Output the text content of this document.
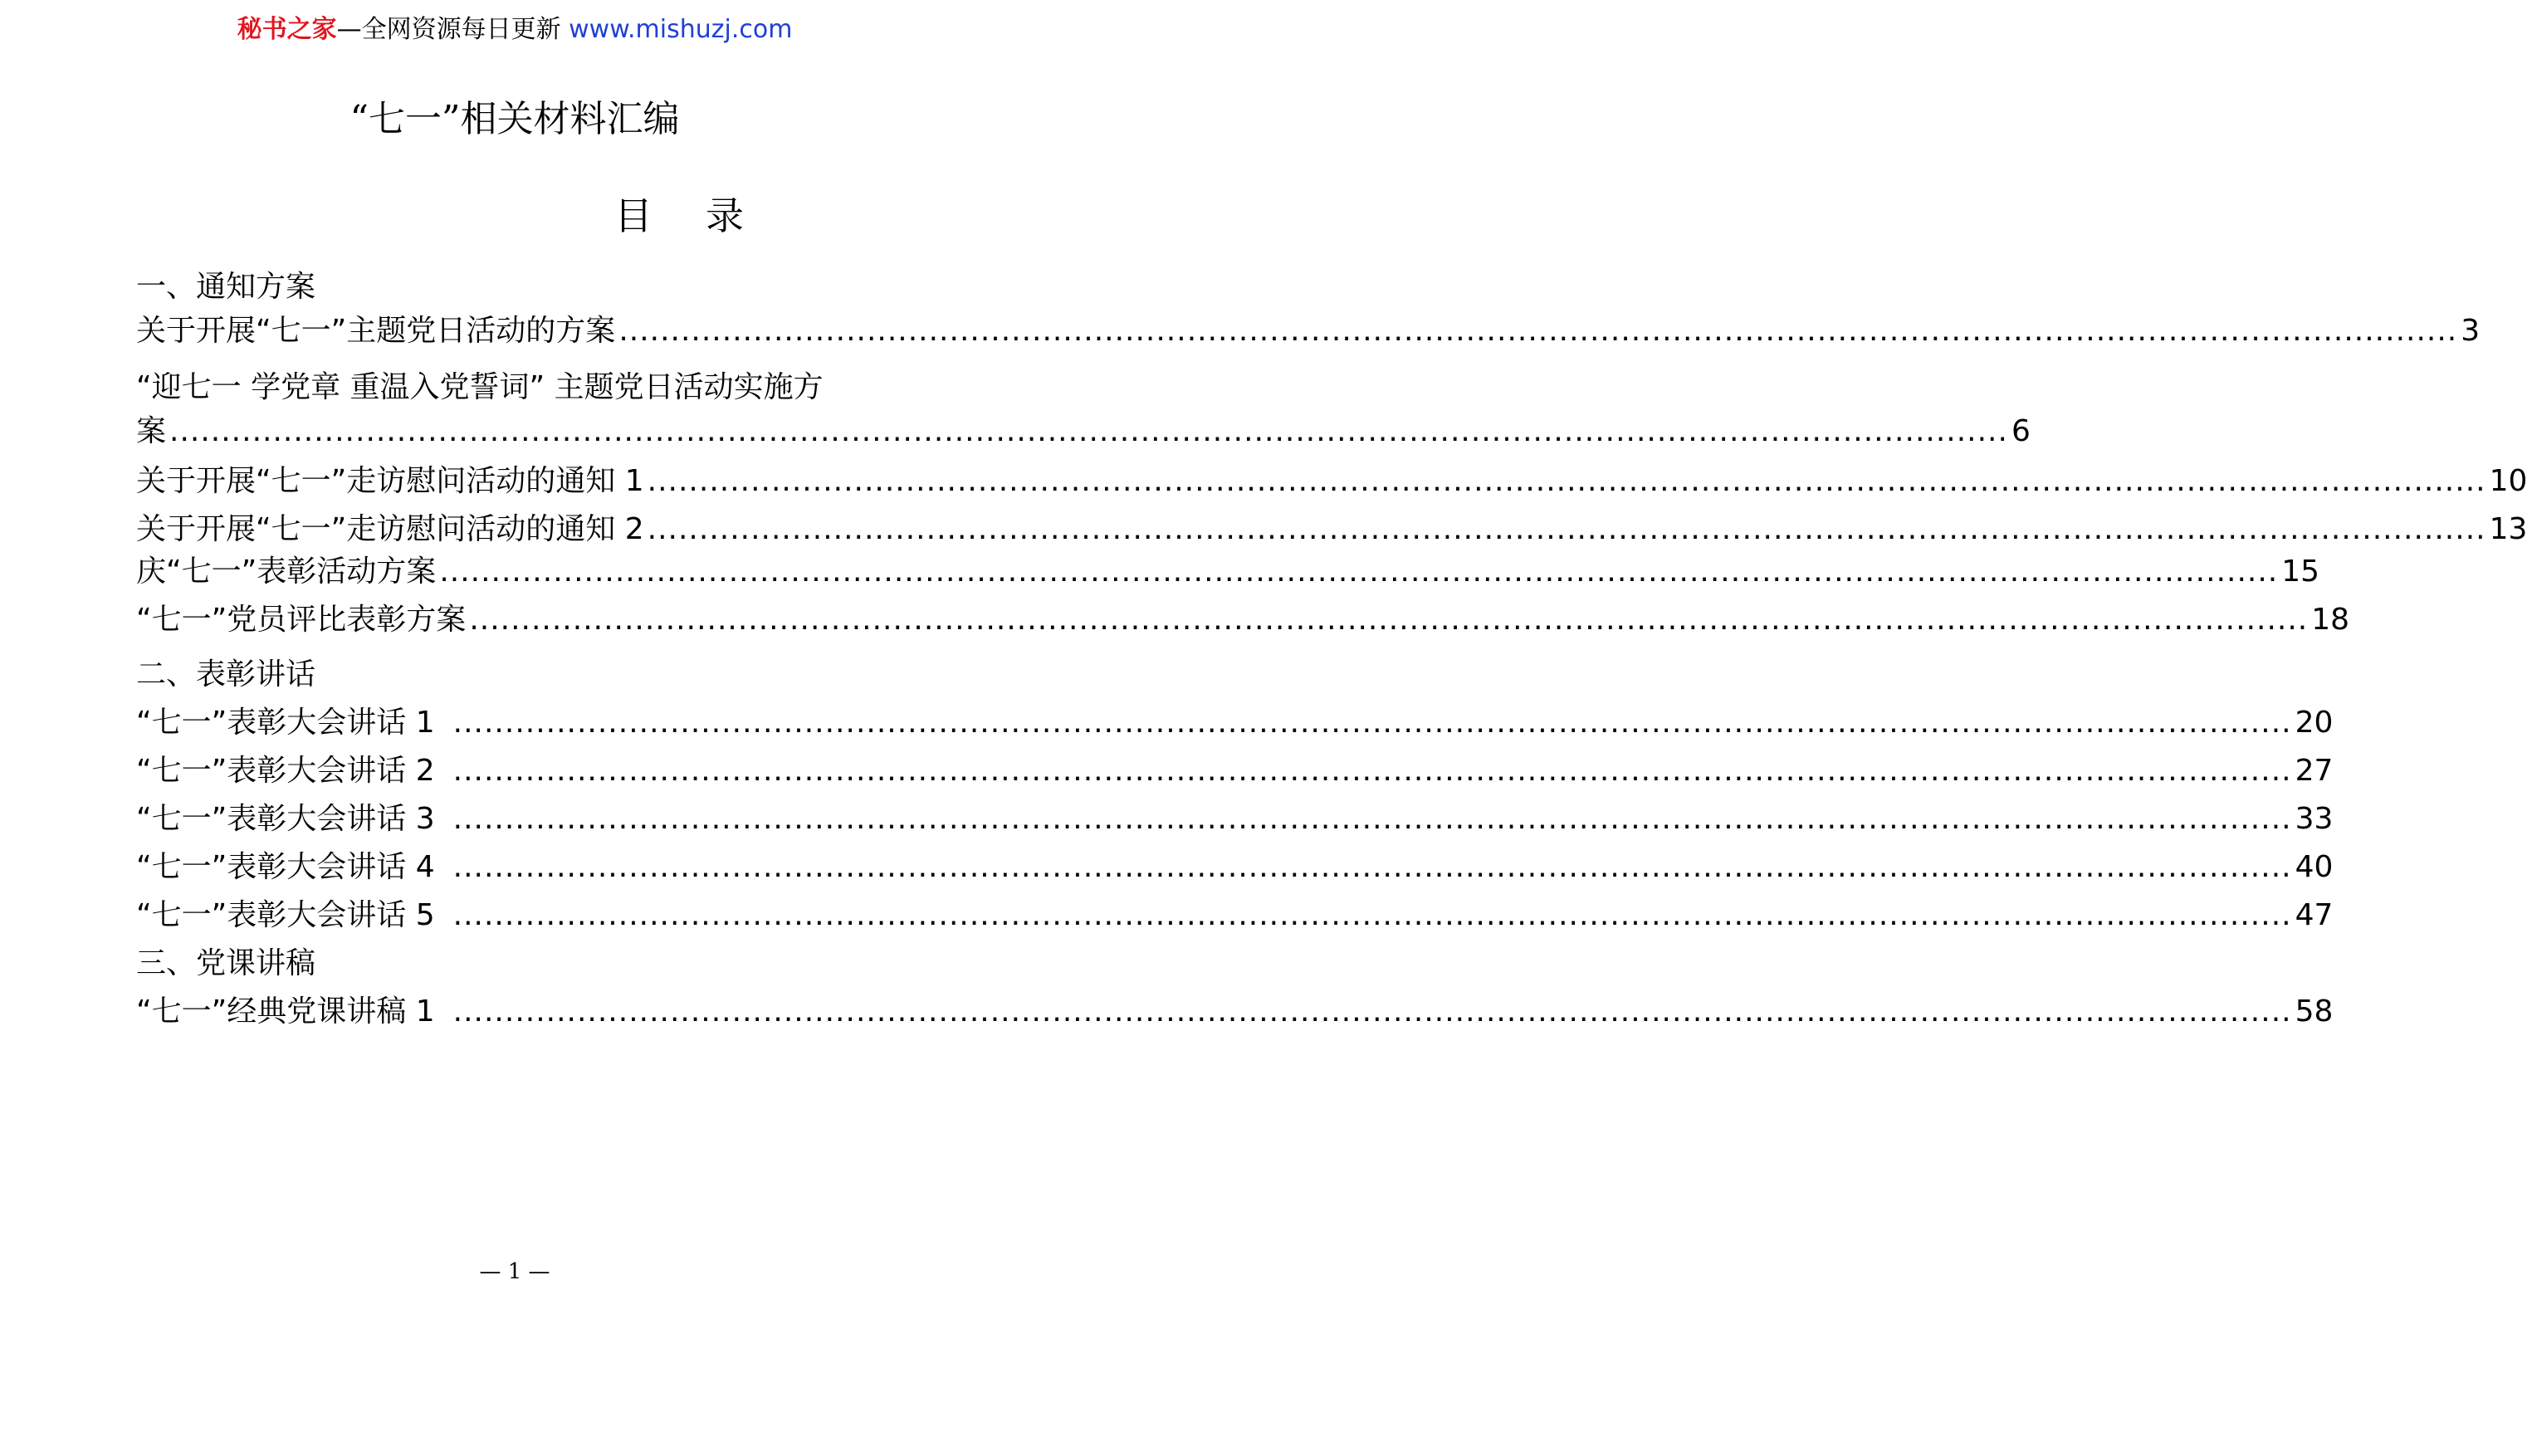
秘书之家—全网资源每日更新 www.mishuzj.com
“七一”相关材料汇编
目录
一、通知方案
关于开展“七一”主题党日活动的方案 .................................................................................................................................................................................. 3
“迎七一 学党章 重温入党誓词” 主题党日活动实施方
案 .................................................................................................................................................................................. 6
关于开展“七一”走访慰问活动的通知 1 .................................................................................................................................................................................. 10
关于开展“七一”走访慰问活动的通知 2 .................................................................................................................................................................................. 13
庆“七一”表彰活动方案 .................................................................................................................................................................................. 15
“七一”党员评比表彰方案 .................................................................................................................................................................................. 18
二、表彰讲话
“七一”表彰大会讲话 1 .................................................................................................................................................................................. 20
“七一”表彰大会讲话 2 .................................................................................................................................................................................. 27
“七一”表彰大会讲话 3 .................................................................................................................................................................................. 33
“七一”表彰大会讲话 4 .................................................................................................................................................................................. 40
“七一”表彰大会讲话 5 .................................................................................................................................................................................. 47
三、党课讲稿
“七一”经典党课讲稿 1 .................................................................................................................................................................................. 58
— 1 —
